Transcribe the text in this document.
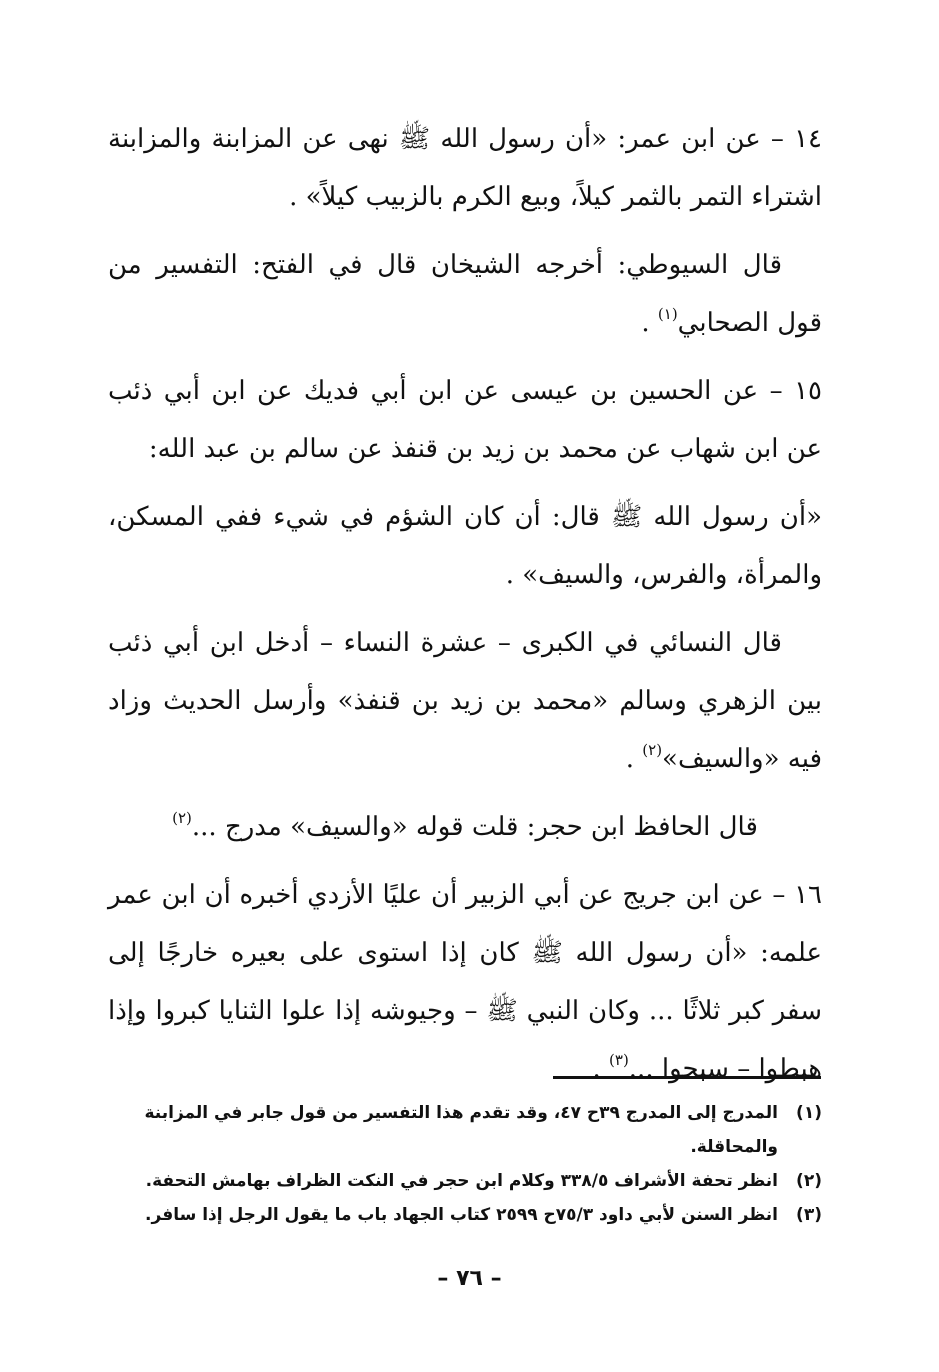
١٤ – عن ابن عمر: «أن رسول الله ﷺ نهى عن المزابنة والمزابنة اشتراء التمر بالثمر كيلاً، وبيع الكرم بالزبيب كيلاً» .

قال السيوطي: أخرجه الشيخان قال في الفتح: التفسير من قول الصحابي$^{(١)}$ .

١٥ – عن الحسين بن عيسى عن ابن أبي فديك عن ابن أبي ذئب عن ابن شهاب عن محمد بن زيد بن قنفذ عن سالم بن عبد الله:

«أن رسول الله ﷺ قال: أن كان الشؤم في شيء ففي المسكن، والمرأة، والفرس، والسيف» .

قال النسائي في الكبرى – عشرة النساء – أدخل ابن أبي ذئب بين الزهري وسالم «محمد بن زيد بن قنفذ» وأرسل الحديث وزاد فيه «والسيف»$^{(٢)}$ .

قال الحافظ ابن حجر: قلت قوله «والسيف» مدرج ...$^{(٢)}$

١٦ – عن ابن جريج عن أبي الزبير أن عليًا الأزدي أخبره أن ابن عمر علمه: «أن رسول الله ﷺ كان إذا استوى على بعيره خارجًا إلى سفر كبر ثلاثًا ... وكان النبي ﷺ – وجيوشه إذا علوا الثنايا كبروا وإذا هبطوا – سبحوا ...$^{(٣)}$ .

(١)
المدرج إلى المدرج ٣٩ح ٤٧، وقد تقدم هذا التفسير من قول جابر في المزابنة والمحاقلة.
(٢)
انظر تحفة الأشراف ٣٣٨/٥ وكلام ابن حجر في النكت الظراف بهامش التحفة.
(٣)
انظر السنن لأبي داود ٧٥/٣ح ٢٥٩٩ كتاب الجهاد باب ما يقول الرجل إذا سافر.
– ٧٦ –
